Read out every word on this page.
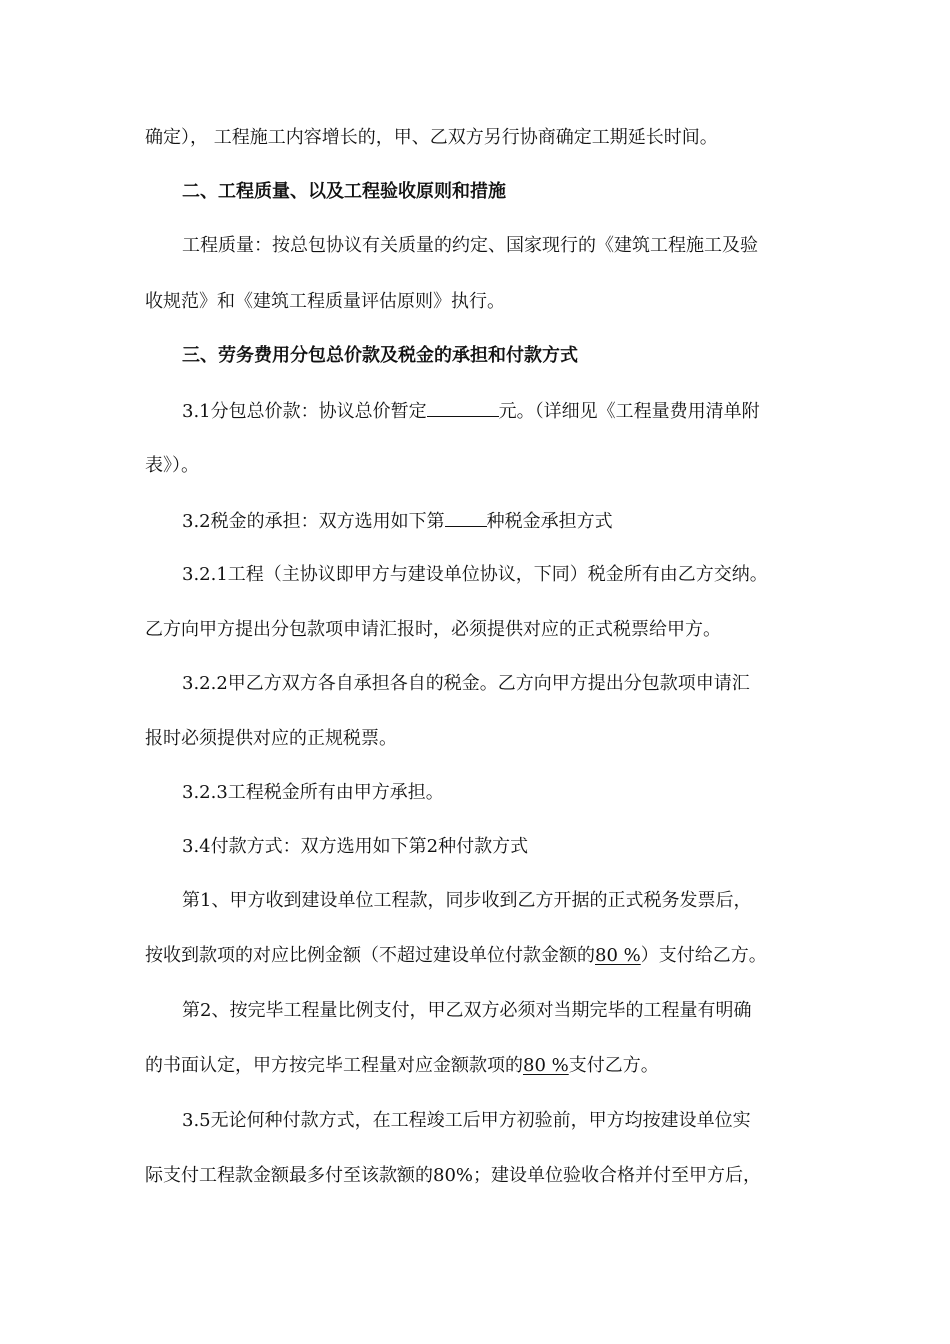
确定）， 工程施工内容增长的，甲、乙双方另行协商确定工期延长时间。
二、工程质量、以及工程验收原则和措施
工程质量：按总包协议有关质量的约定、国家现行的《建筑工程施工及验
收规范》和《建筑工程质量评估原则》执行。
三、劳务费用分包总价款及税金的承担和付款方式
3.1分包总价款：协议总价暂定	元。（详细见《工程量费用清单附
表》）。
3.2税金的承担：双方选用如下第 种税金承担方式
3.2.1工程（主协议即甲方与建设单位协议，下同）税金所有由乙方交纳。
乙方向甲方提出分包款项申请汇报时，必须提供对应的正式税票给甲方。
3.2.2甲乙方双方各自承担各自的税金。乙方向甲方提出分包款项申请汇
报时必须提供对应的正规税票。
3.2.3工程税金所有由甲方承担。
3.4付款方式：双方选用如下第2种付款方式
第1、甲方收到建设单位工程款，同步收到乙方开据的正式税务发票后，
按收到款项的对应比例金额（不超过建设单位付款金额的80 %）支付给乙方。
第2、按完毕工程量比例支付，甲乙双方必须对当期完毕的工程量有明确
的书面认定，甲方按完毕工程量对应金额款项的80 %支付乙方。
3.5无论何种付款方式，在工程竣工后甲方初验前，甲方均按建设单位实
际支付工程款金额最多付至该款额的80%；建设单位验收合格并付至甲方后，
